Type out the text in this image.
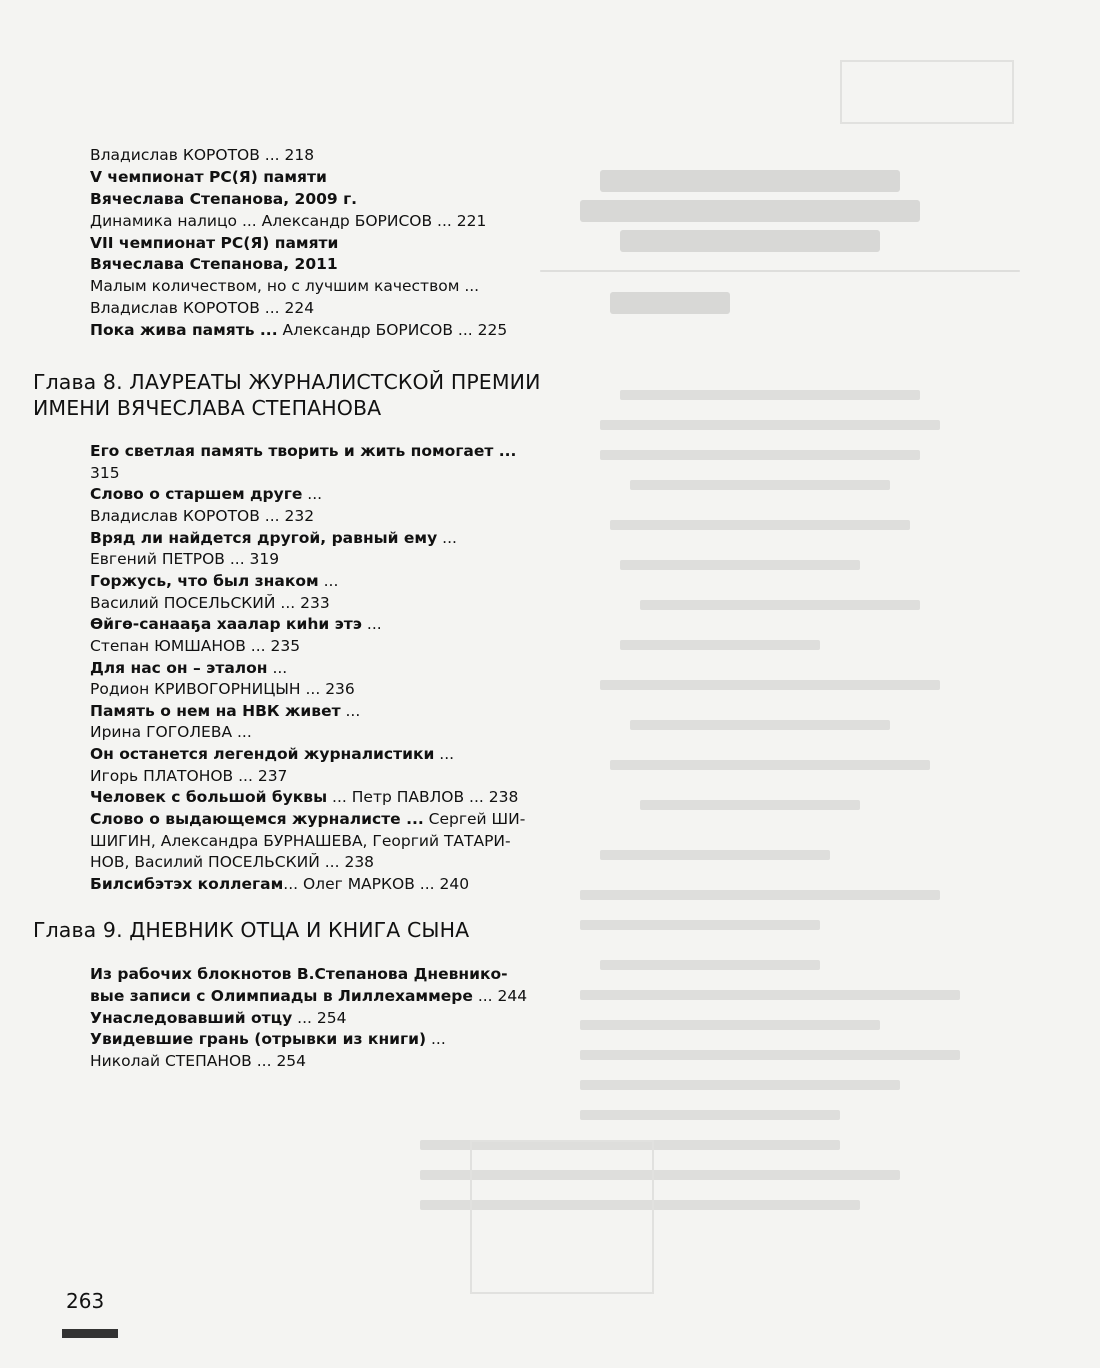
Владислав КОРОТОВ ... 218

V чемпионат РС(Я) памяти

Вячеслава Степанова, 2009 г.

Динамика налицо ... Александр БОРИСОВ ... 221

VII чемпионат РС(Я) памяти

Вячеслава Степанова, 2011

Малым количеством, но с лучшим качеством ...

Владислав КОРОТОВ ... 224

Пока жива память ... Александр БОРИСОВ ... 225

Глава 8. ЛАУРЕАТЫ ЖУРНАЛИСТСКОЙ ПРЕМИИ
ИМЕНИ ВЯЧЕСЛАВА СТЕПАНОВА

Его светлая память творить и жить помогает ...

315

Слово о старшем друге ...

Владислав КОРОТОВ ... 232

Вряд ли найдется другой, равный ему ...

Евгений ПЕТРОВ ... 319

Горжусь, что был знаком ...

Василий ПОСЕЛЬСКИЙ ... 233

Өйгө-санааҕа хаалар киһи этэ ...

Степан ЮМШАНОВ ... 235

Для нас он – эталон ...

Родион КРИВОГОРНИЦЫН ... 236

Память о нем на НВК живет ...

Ирина ГОГОЛЕВА ...

Он останется легендой журналистики ...

Игорь ПЛАТОНОВ ... 237

Человек с большой буквы ... Петр ПАВЛОВ ... 238

Слово о выдающемся журналисте ... Сергей ШИ-

ШИГИН, Александра БУРНАШЕВА, Георгий ТАТАРИ-

НОВ, Василий ПОСЕЛЬСКИЙ ... 238

Билсибэтэх коллегам... Олег МАРКОВ ... 240

Глава 9. ДНЕВНИК ОТЦА И КНИГА СЫНА

Из рабочих блокнотов В.Степанова Дневнико-

вые записи с Олимпиады в Лиллехаммере ... 244

Унаследовавший отцу ... 254

Увидевшие грань (отрывки из книги) ...

Николай СТЕПАНОВ ... 254

263
